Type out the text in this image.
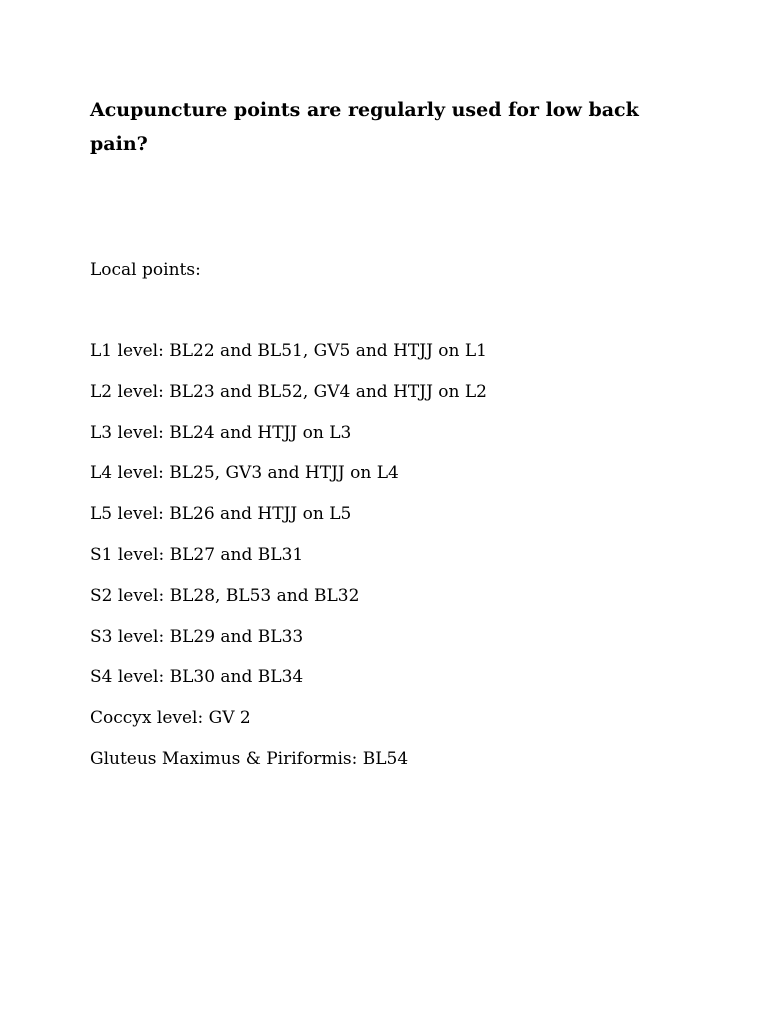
Acupuncture points are regularly used for low back pain?

Local points:

L1 level: BL22 and BL51, GV5 and HTJJ on L1
L2 level: BL23 and BL52, GV4 and HTJJ on L2
L3 level: BL24 and HTJJ on L3
L4 level: BL25, GV3 and HTJJ on L4
L5 level: BL26 and HTJJ on L5
S1 level: BL27 and BL31
S2 level: BL28, BL53 and BL32
S3 level: BL29 and BL33
S4 level: BL30 and BL34
Coccyx level: GV 2
Gluteus Maximus & Piriformis: BL54
